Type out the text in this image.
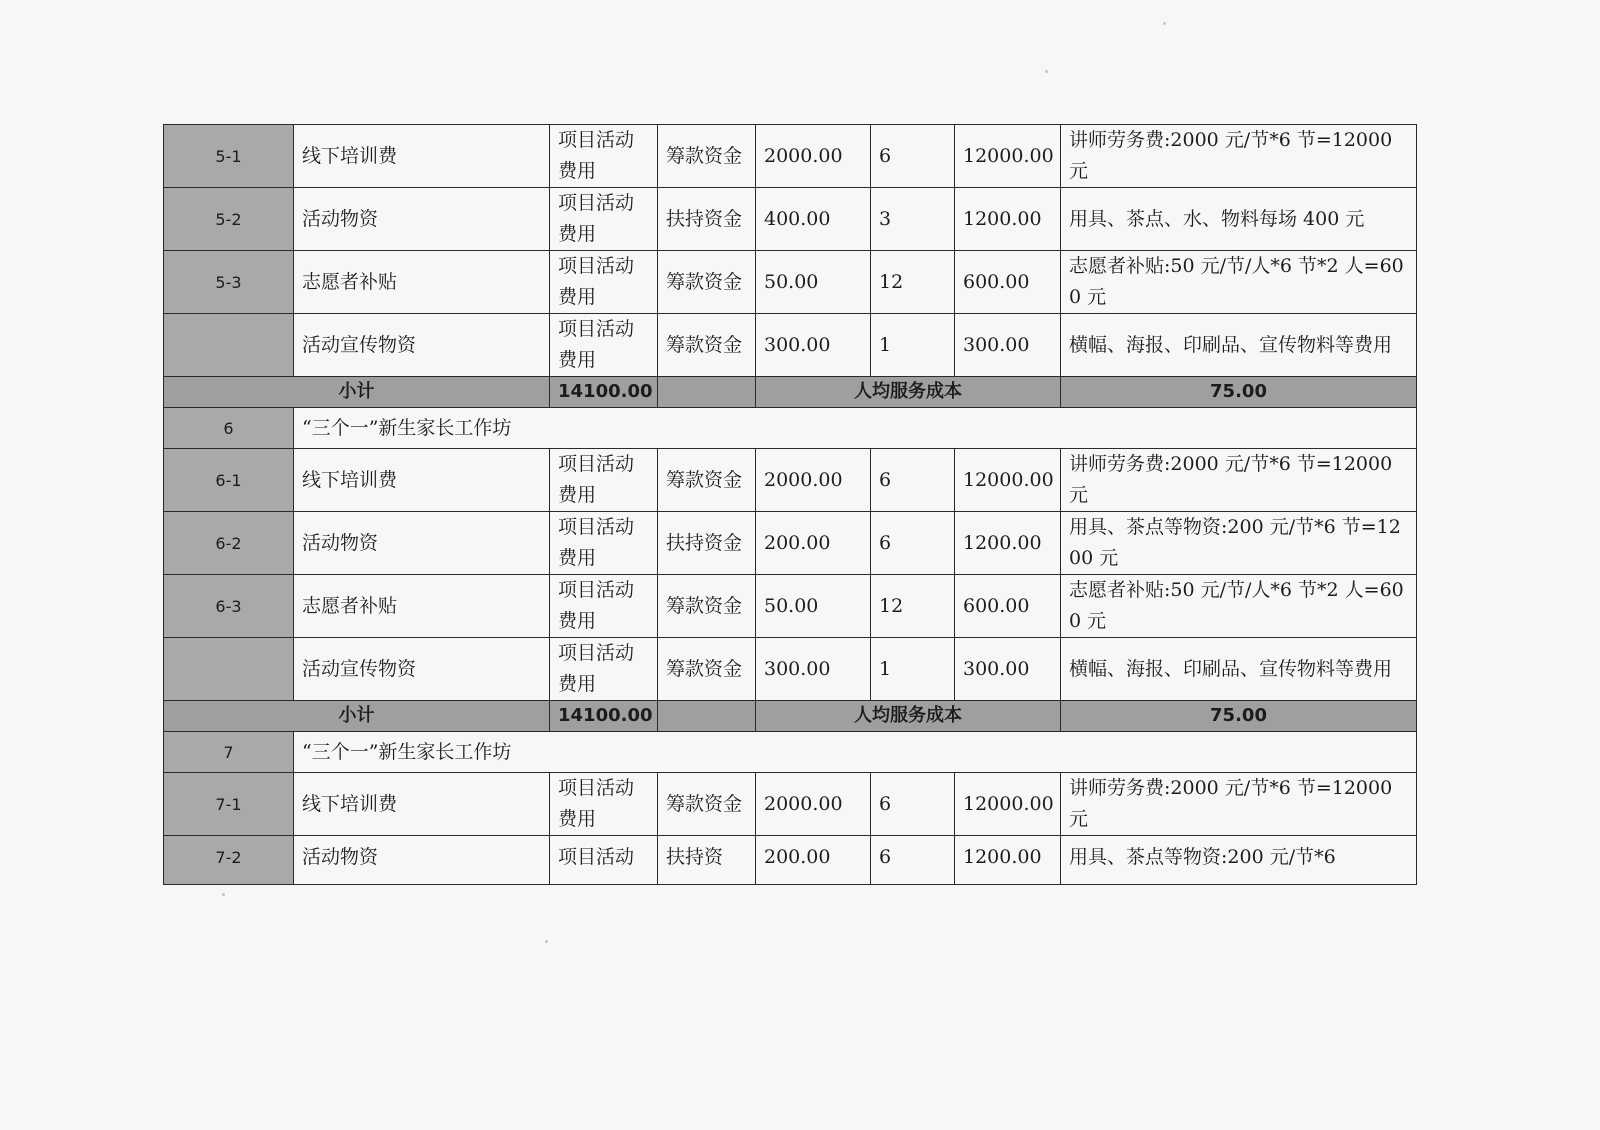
5-1	线下培训费	项目活动费用	筹款资金	2000.00	6	12000.00	讲师劳务费:2000 元/节*6 节=12000 元
5-2	活动物资	项目活动费用	扶持资金	400.00	3	1200.00	用具、茶点、水、物料每场 400 元
5-3	志愿者补贴	项目活动费用	筹款资金	50.00	12	600.00	志愿者补贴:50 元/节/人*6 节*2 人=600 元
	活动宣传物资	项目活动费用	筹款资金	300.00	1	300.00	横幅、海报、印刷品、宣传物料等费用
小计		14100.00		人均服务成本			75.00
6	“三个一”新生家长工作坊						
6-1	线下培训费	项目活动费用	筹款资金	2000.00	6	12000.00	讲师劳务费:2000 元/节*6 节=12000 元
6-2	活动物资	项目活动费用	扶持资金	200.00	6	1200.00	用具、茶点等物资:200 元/节*6 节=1200 元
6-3	志愿者补贴	项目活动费用	筹款资金	50.00	12	600.00	志愿者补贴:50 元/节/人*6 节*2 人=600 元
	活动宣传物资	项目活动费用	筹款资金	300.00	1	300.00	横幅、海报、印刷品、宣传物料等费用
小计		14100.00		人均服务成本			75.00
7	“三个一”新生家长工作坊						
7-1	线下培训费	项目活动费用	筹款资金	2000.00	6	12000.00	讲师劳务费:2000 元/节*6 节=12000 元
7-2	活动物资	项目活动	扶持资	200.00	6	1200.00	用具、茶点等物资:200 元/节*6
